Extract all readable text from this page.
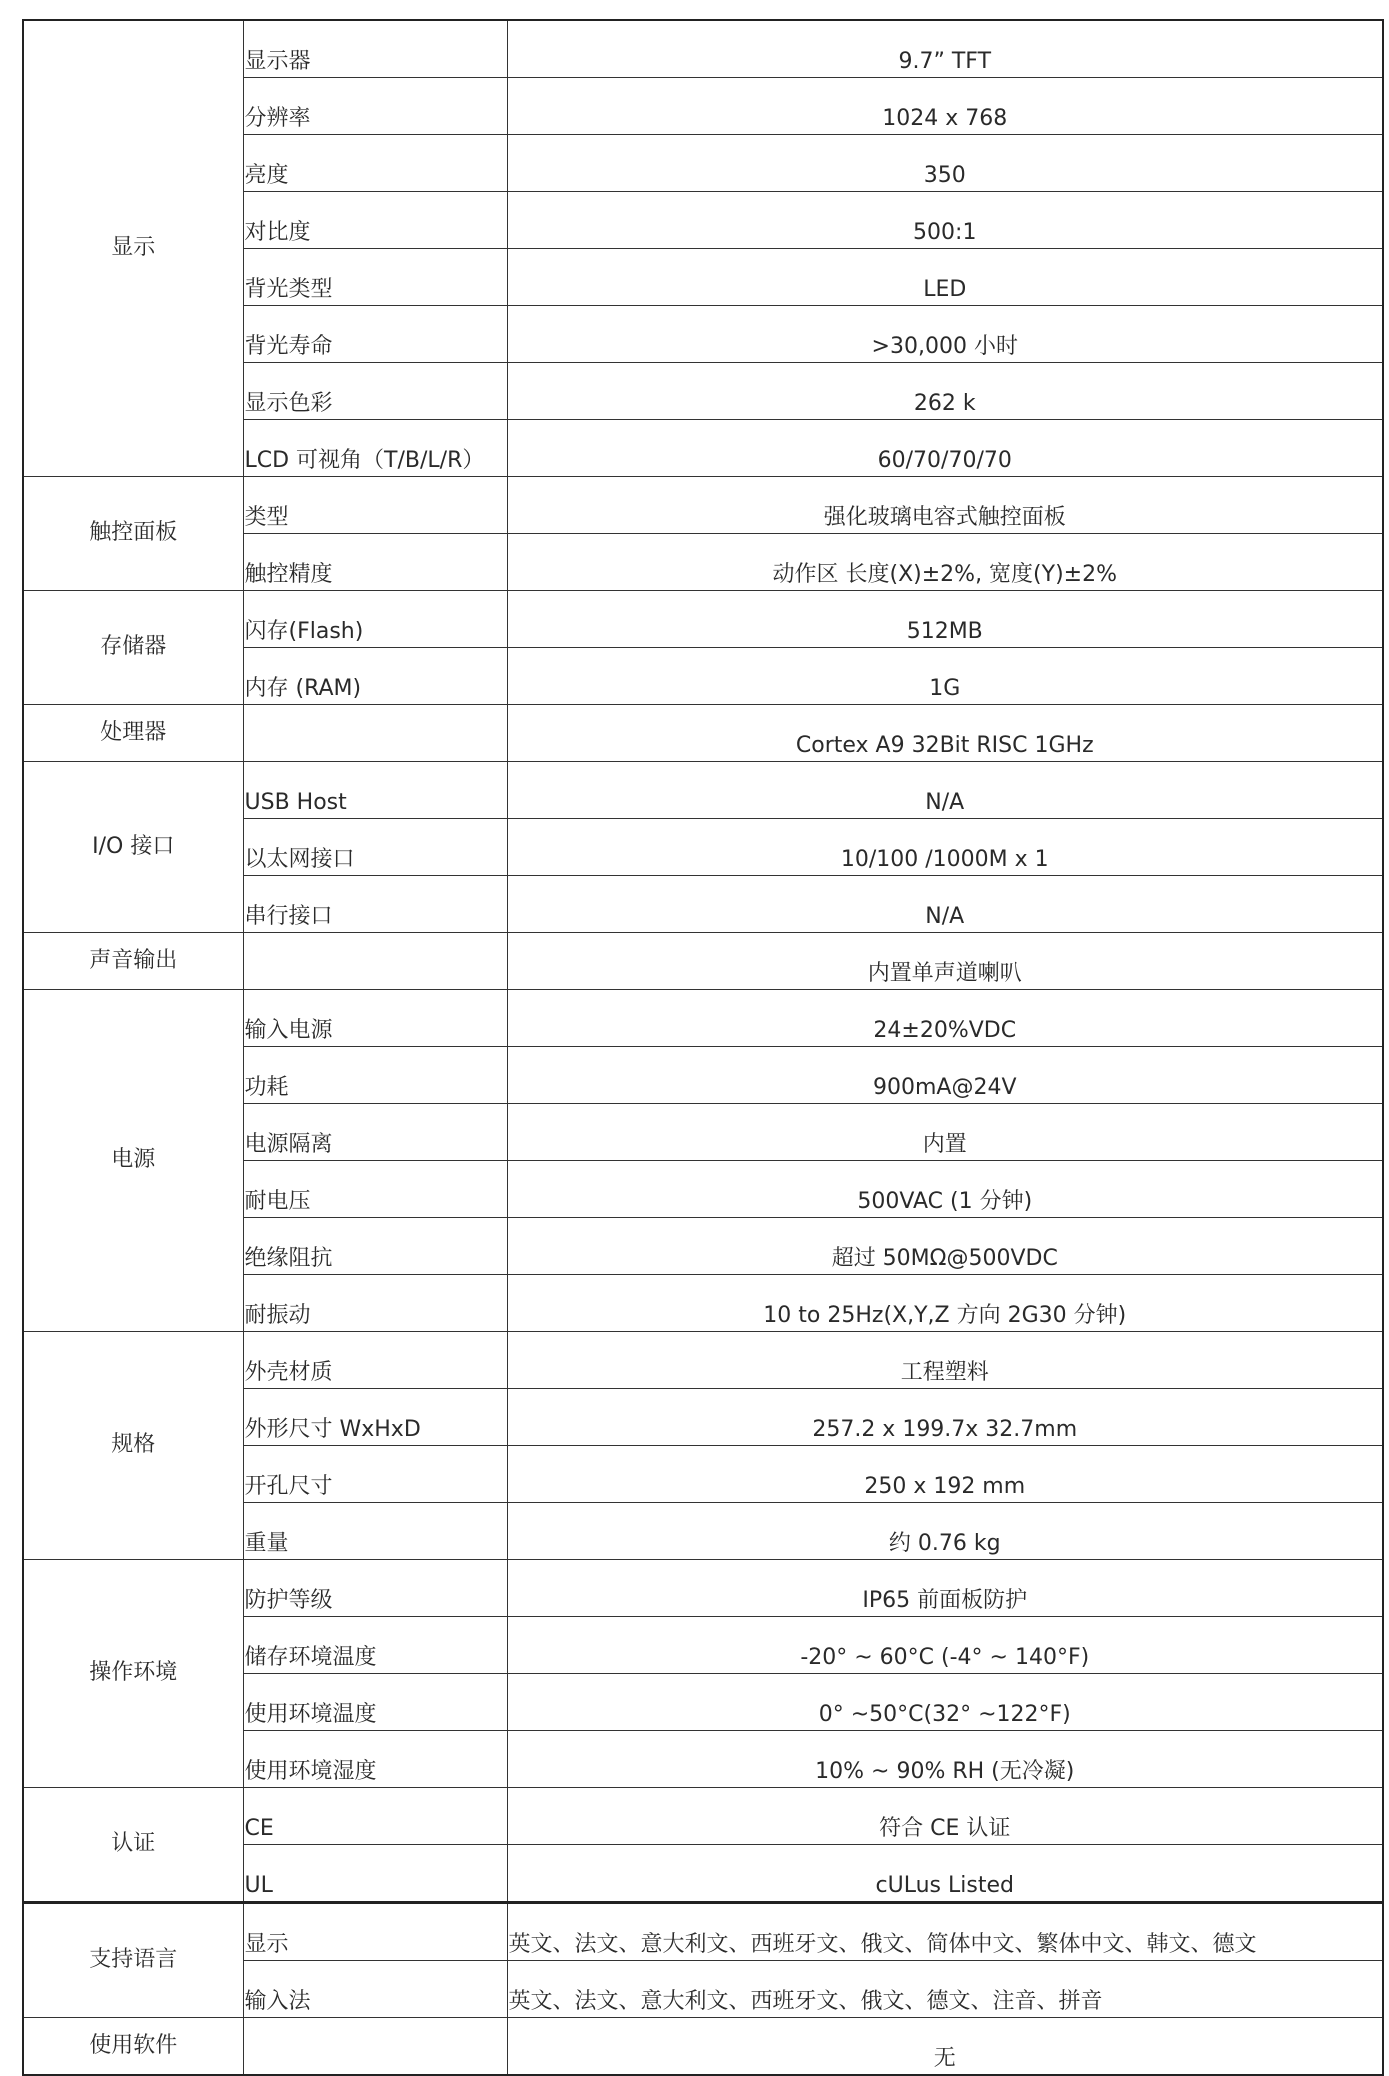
显示	显示器	9.7” TFT
	分辨率	1024 x 768
	亮度	350
	对比度	500:1
	背光类型	LED
	背光寿命	>30,000 小时
	显示色彩	262 k
	LCD 可视角（T/B/L/R）	60/70/70/70
触控面板	类型	强化玻璃电容式触控面板
	触控精度	动作区 长度(X)±2%, 宽度(Y)±2%
存储器	闪存(Flash)	512MB
	内存 (RAM)	1G
处理器		Cortex A9 32Bit RISC 1GHz
I/O 接口	USB Host	N/A
	以太网接口	10/100 /1000M x 1
	串行接口	N/A
声音输出		内置单声道喇叭
电源	输入电源	24±20%VDC
	功耗	900mA@24V
	电源隔离	内置
	耐电压	500VAC (1 分钟)
	绝缘阻抗	超过 50MΩ@500VDC
	耐振动	10 to 25Hz(X,Y,Z 方向 2G30 分钟)
规格	外壳材质	工程塑料
	外形尺寸 WxHxD	257.2 x 199.7x 32.7mm
	开孔尺寸	250 x 192 mm
	重量	约 0.76 kg
操作环境	防护等级	IP65 前面板防护
	储存环境温度	-20° ~ 60°C (-4° ~ 140°F)
	使用环境温度	0° ~50°C(32° ~122°F)
	使用环境湿度	10% ~ 90% RH (无冷凝)
认证	CE	符合 CE 认证
	UL	cULus Listed
支持语言	显示	英文、法文、意大利文、西班牙文、俄文、简体中文、繁体中文、韩文、德文
	输入法	英文、法文、意大利文、西班牙文、俄文、德文、注音、拼音
使用软件		无
